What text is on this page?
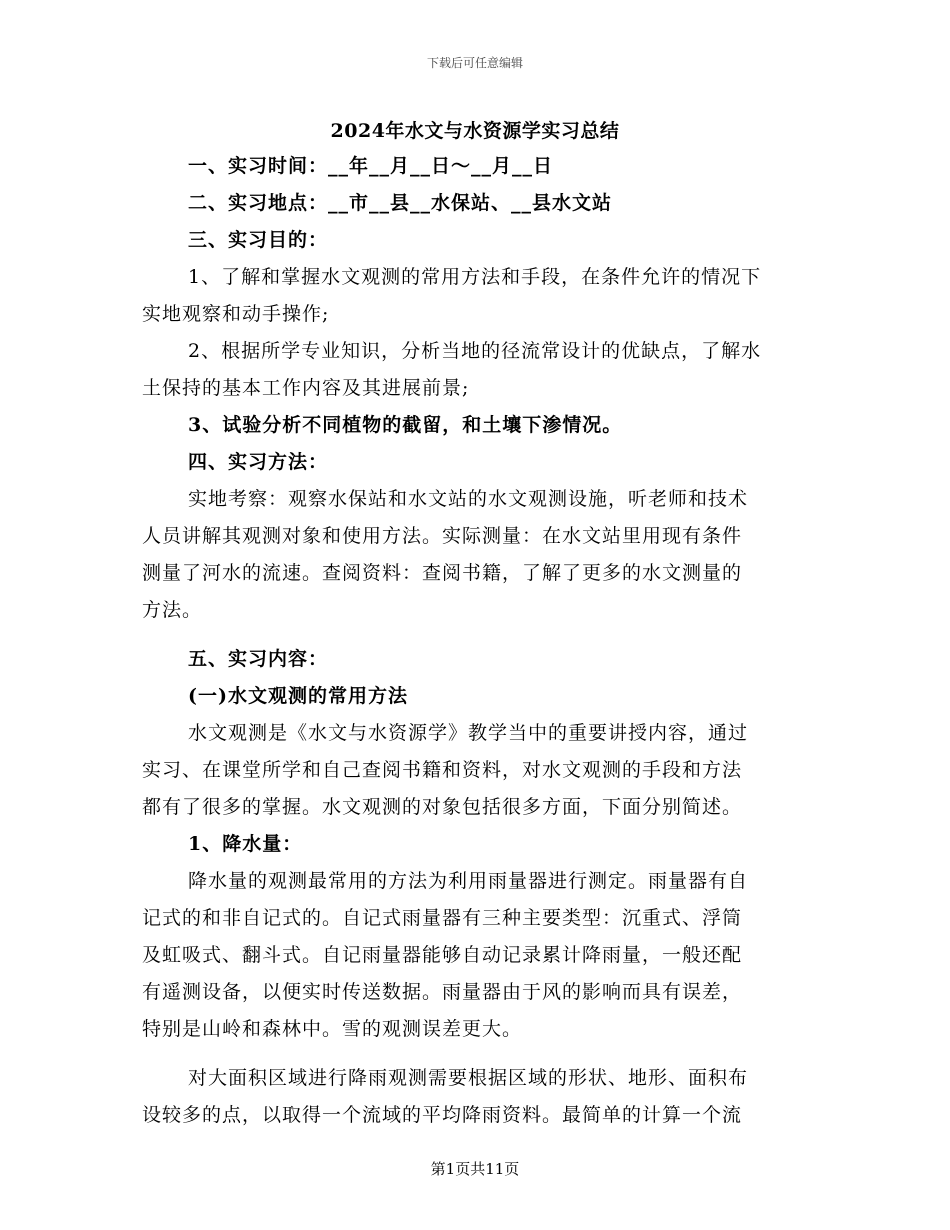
下载后可任意编辑
2024年水文与水资源学实习总结
一、实习时间：__年__月__日～__月__日
二、实习地点：__市__县__水保站、__县水文站
三、实习目的：
1、了解和掌握水文观测的常用方法和手段，在条件允许的情况下
实地观察和动手操作;
2、根据所学专业知识，分析当地的径流常设计的优缺点，了解水
土保持的基本工作内容及其进展前景;
3、试验分析不同植物的截留，和土壤下渗情况。
四、实习方法：
实地考察：观察水保站和水文站的水文观测设施，听老师和技术
人员讲解其观测对象和使用方法。实际测量：在水文站里用现有条件
测量了河水的流速。查阅资料：查阅书籍，了解了更多的水文测量的
方法。
五、实习内容：
(一)水文观测的常用方法
水文观测是《水文与水资源学》教学当中的重要讲授内容，通过
实习、在课堂所学和自己查阅书籍和资料，对水文观测的手段和方法
都有了很多的掌握。水文观测的对象包括很多方面，下面分别简述。
1、降水量：
降水量的观测最常用的方法为利用雨量器进行测定。雨量器有自
记式的和非自记式的。自记式雨量器有三种主要类型：沉重式、浮筒
及虹吸式、翻斗式。自记雨量器能够自动记录累计降雨量，一般还配
有遥测设备，以便实时传送数据。雨量器由于风的影响而具有误差，
特别是山岭和森林中。雪的观测误差更大。
对大面积区域进行降雨观测需要根据区域的形状、地形、面积布
设较多的点，以取得一个流域的平均降雨资料。最简单的计算一个流
第1页共11页
